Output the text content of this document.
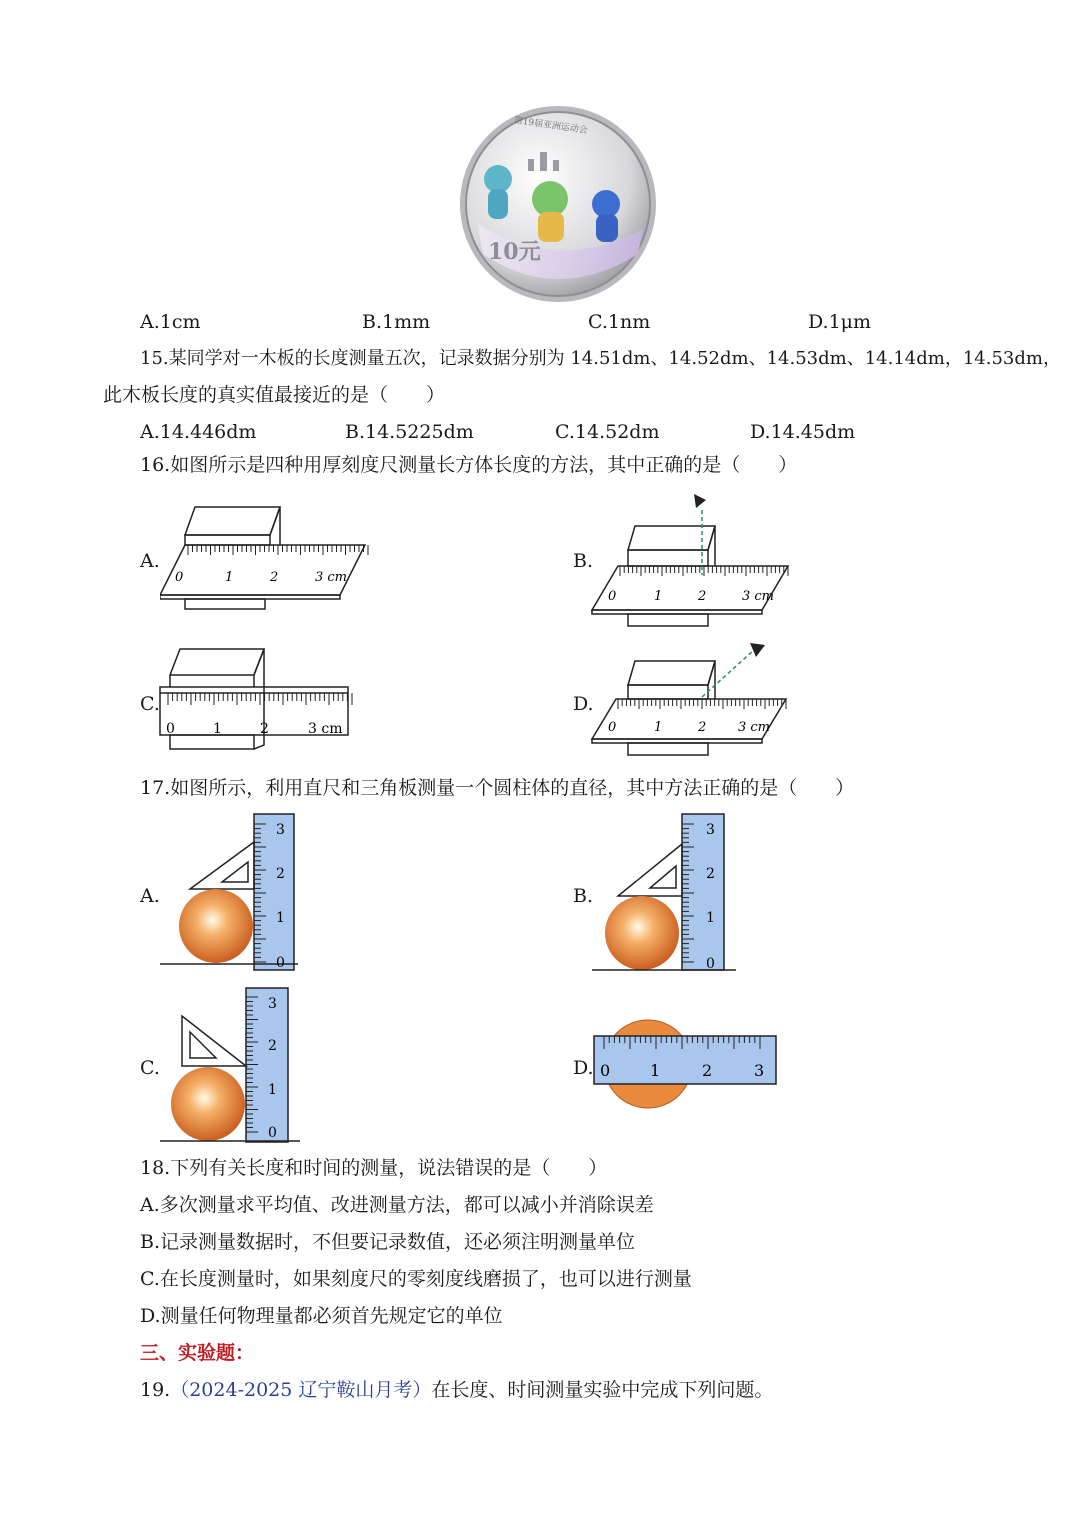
10元
第19届亚洲运动会
A.1cm	B.1mm	C.1nm	D.1μm
15.某同学对一木板的长度测量五次，记录数据分别为 14.51dm、14.52dm、14.53dm、14.14dm，14.53dm，
此木板长度的真实值最接近的是（　　）
A.14.446dm	B.14.5225dm	C.14.52dm	D.14.45dm
16.如图所示是四种用厚刻度尺测量长方体长度的方法，其中正确的是（　　）
A.	B.
C.	D.
0	1	2	3 cm
0	1	2	3 cm
0	1	2	3 cm	0	1	2 3 cm
17.如图所示，利用直尺和三角板测量一个圆柱体的直径，其中方法正确的是（　　）
A.	B.
C.	D.
0
1
2
3
0
1
2
3
0
1
2
3
0 1	2	3
18.下列有关长度和时间的测量，说法错误的是（　　）
A.多次测量求平均值、改进测量方法，都可以减小并消除误差
B.记录测量数据时，不但要记录数值，还必须注明测量单位
C.在长度测量时，如果刻度尺的零刻度线磨损了，也可以进行测量
D.测量任何物理量都必须首先规定它的单位
三、实验题：
19.（2024-2025 辽宁鞍山月考）在长度、时间测量实验中完成下列问题。
